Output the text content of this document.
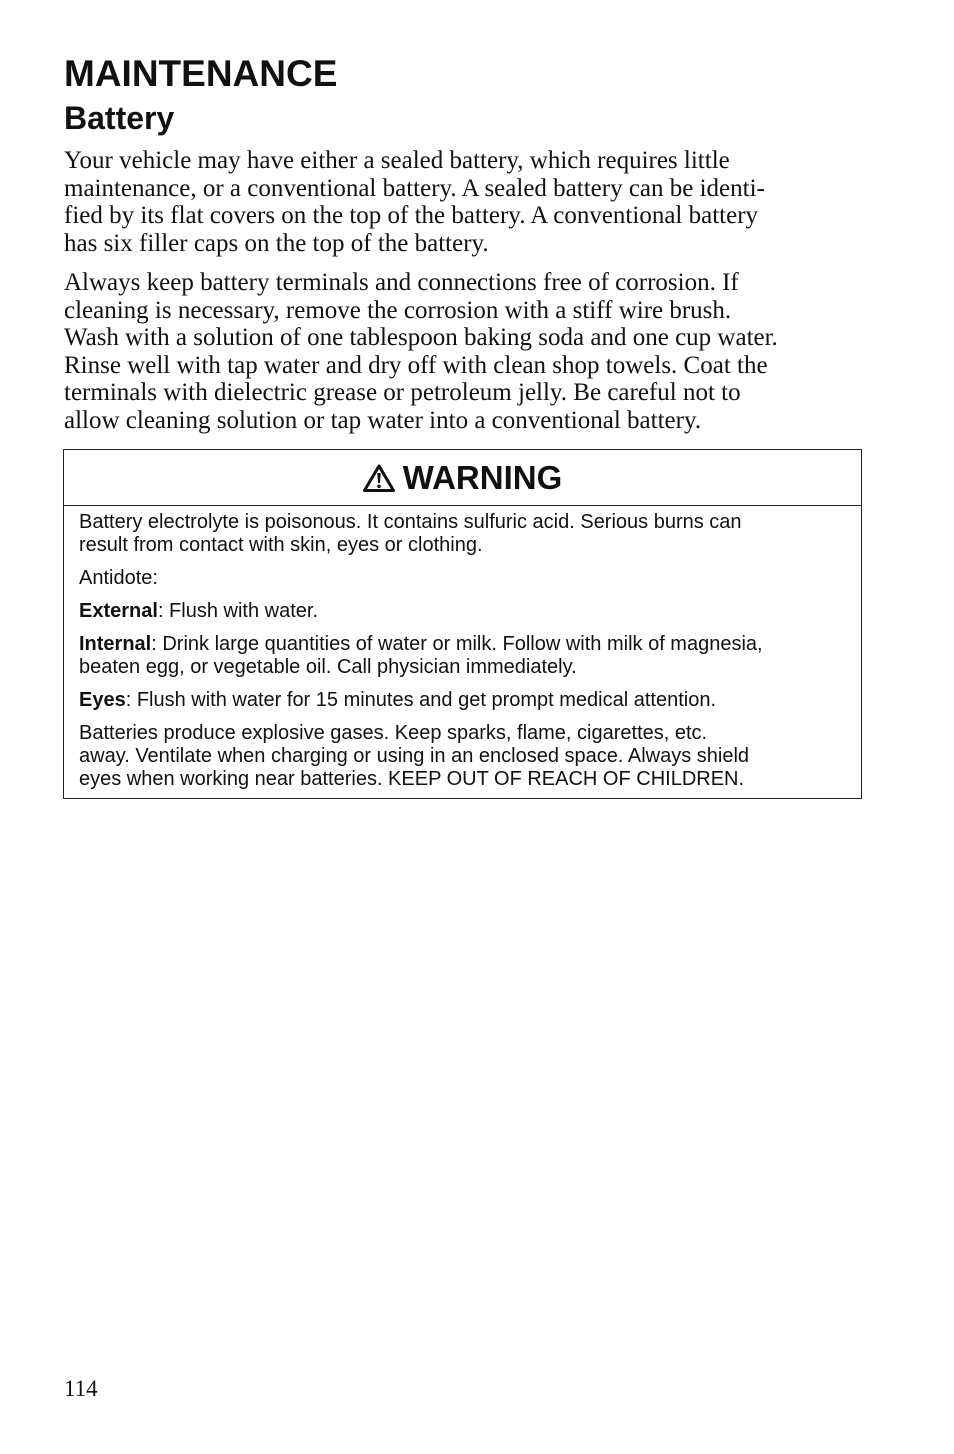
MAINTENANCE
Battery

Your vehicle may have either a sealed battery, which requires little
maintenance, or a conventional battery. A sealed battery can be identi-
fied by its flat covers on the top of the battery. A conventional battery
has six filler caps on the top of the battery.

Always keep battery terminals and connections free of corrosion. If
cleaning is necessary, remove the corrosion with a stiff wire brush.
Wash with a solution of one tablespoon baking soda and one cup water.
Rinse well with tap water and dry off with clean shop towels. Coat the
terminals with dielectric grease or petroleum jelly. Be careful not to
allow cleaning solution or tap water into a conventional battery.

WARNING

Battery electrolyte is poisonous. It contains sulfuric acid. Serious burns can
result from contact with skin, eyes or clothing.

Antidote:

External: Flush with water.

Internal: Drink large quantities of water or milk. Follow with milk of magnesia,
beaten egg, or vegetable oil. Call physician immediately.

Eyes: Flush with water for 15 minutes and get prompt medical attention.

Batteries produce explosive gases. Keep sparks, flame, cigarettes, etc.
away. Ventilate when charging or using in an enclosed space. Always shield
eyes when working near batteries. KEEP OUT OF REACH OF CHILDREN.

114
